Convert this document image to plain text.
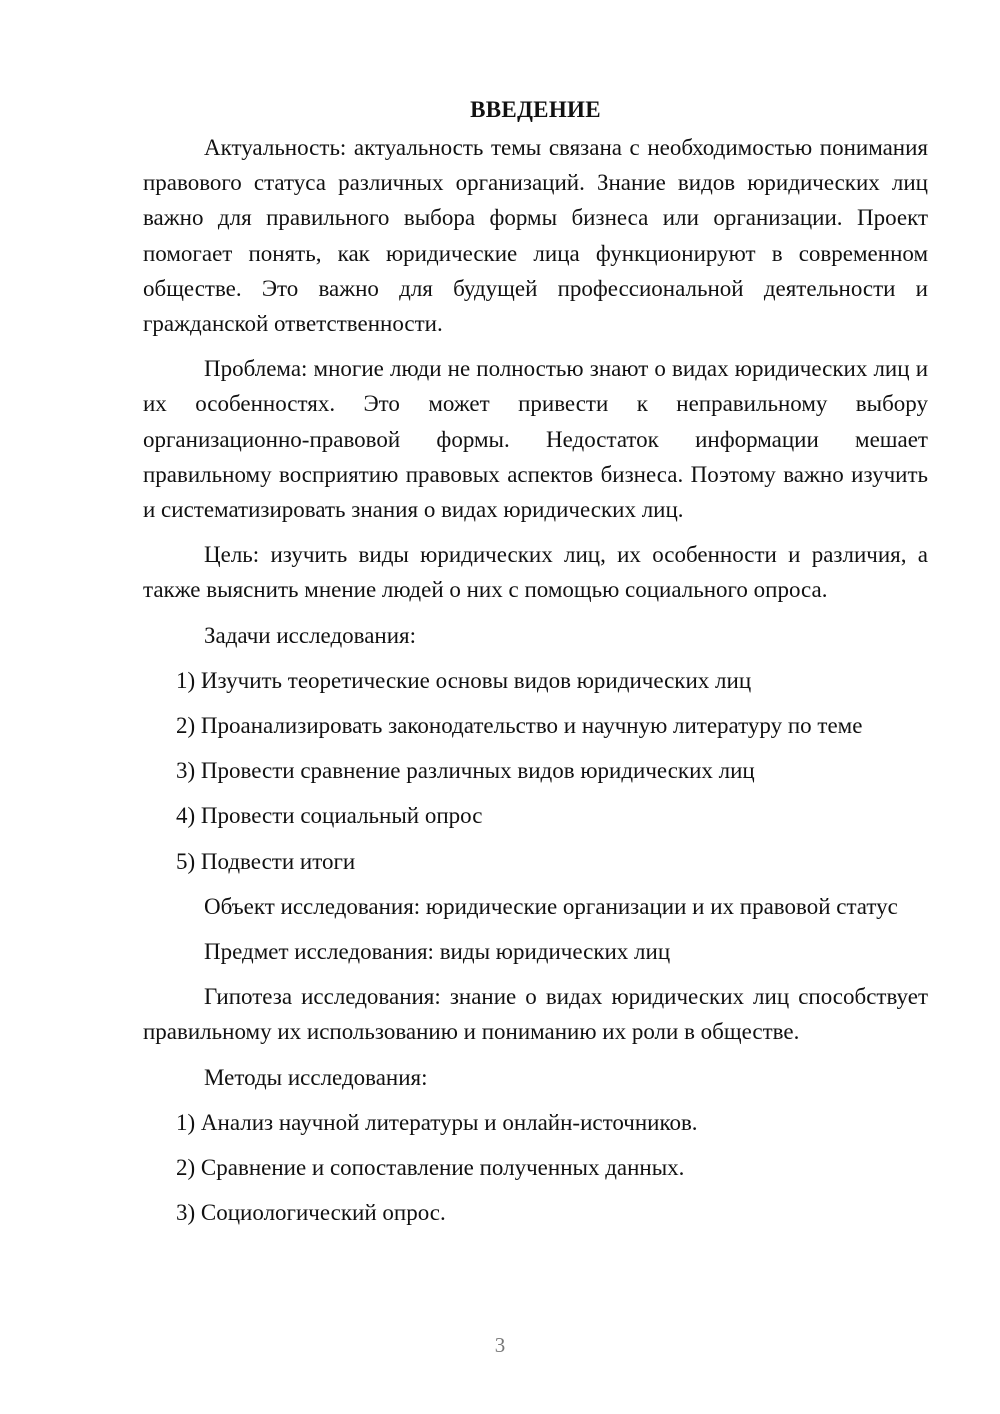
ВВЕДЕНИЕ

Актуальность: актуальность темы связана с необходимостью понимания правового статуса различных организаций. Знание видов юридических лиц важно для правильного выбора формы бизнеса или организации. Проект помогает понять, как юридические лица функционируют в современном обществе. Это важно для будущей профессиональной деятельности и гражданской ответственности.

Проблема: многие люди не полностью знают о видах юридических лиц и их особенностях. Это может привести к неправильному выбору организационно-правовой формы. Недостаток информации мешает правильному восприятию правовых аспектов бизнеса. Поэтому важно изучить и систематизировать знания о видах юридических лиц.

Цель: изучить виды юридических лиц, их особенности и различия, а также выяснить мнение людей о них с помощью социального опроса.

Задачи исследования:

1) Изучить теоретические основы видов юридических лиц
2) Проанализировать законодательство и научную литературу по теме
3) Провести сравнение различных видов юридических лиц
4) Провести социальный опрос
5) Подвести итоги

Объект исследования: юридические организации и их правовой статус

Предмет исследования: виды юридических лиц

Гипотеза исследования: знание о видах юридических лиц способствует правильному их использованию и пониманию их роли в обществе.

Методы исследования:

1) Анализ научной литературы и онлайн-источников.
2) Сравнение и сопоставление полученных данных.
3) Социологический опрос.
3
